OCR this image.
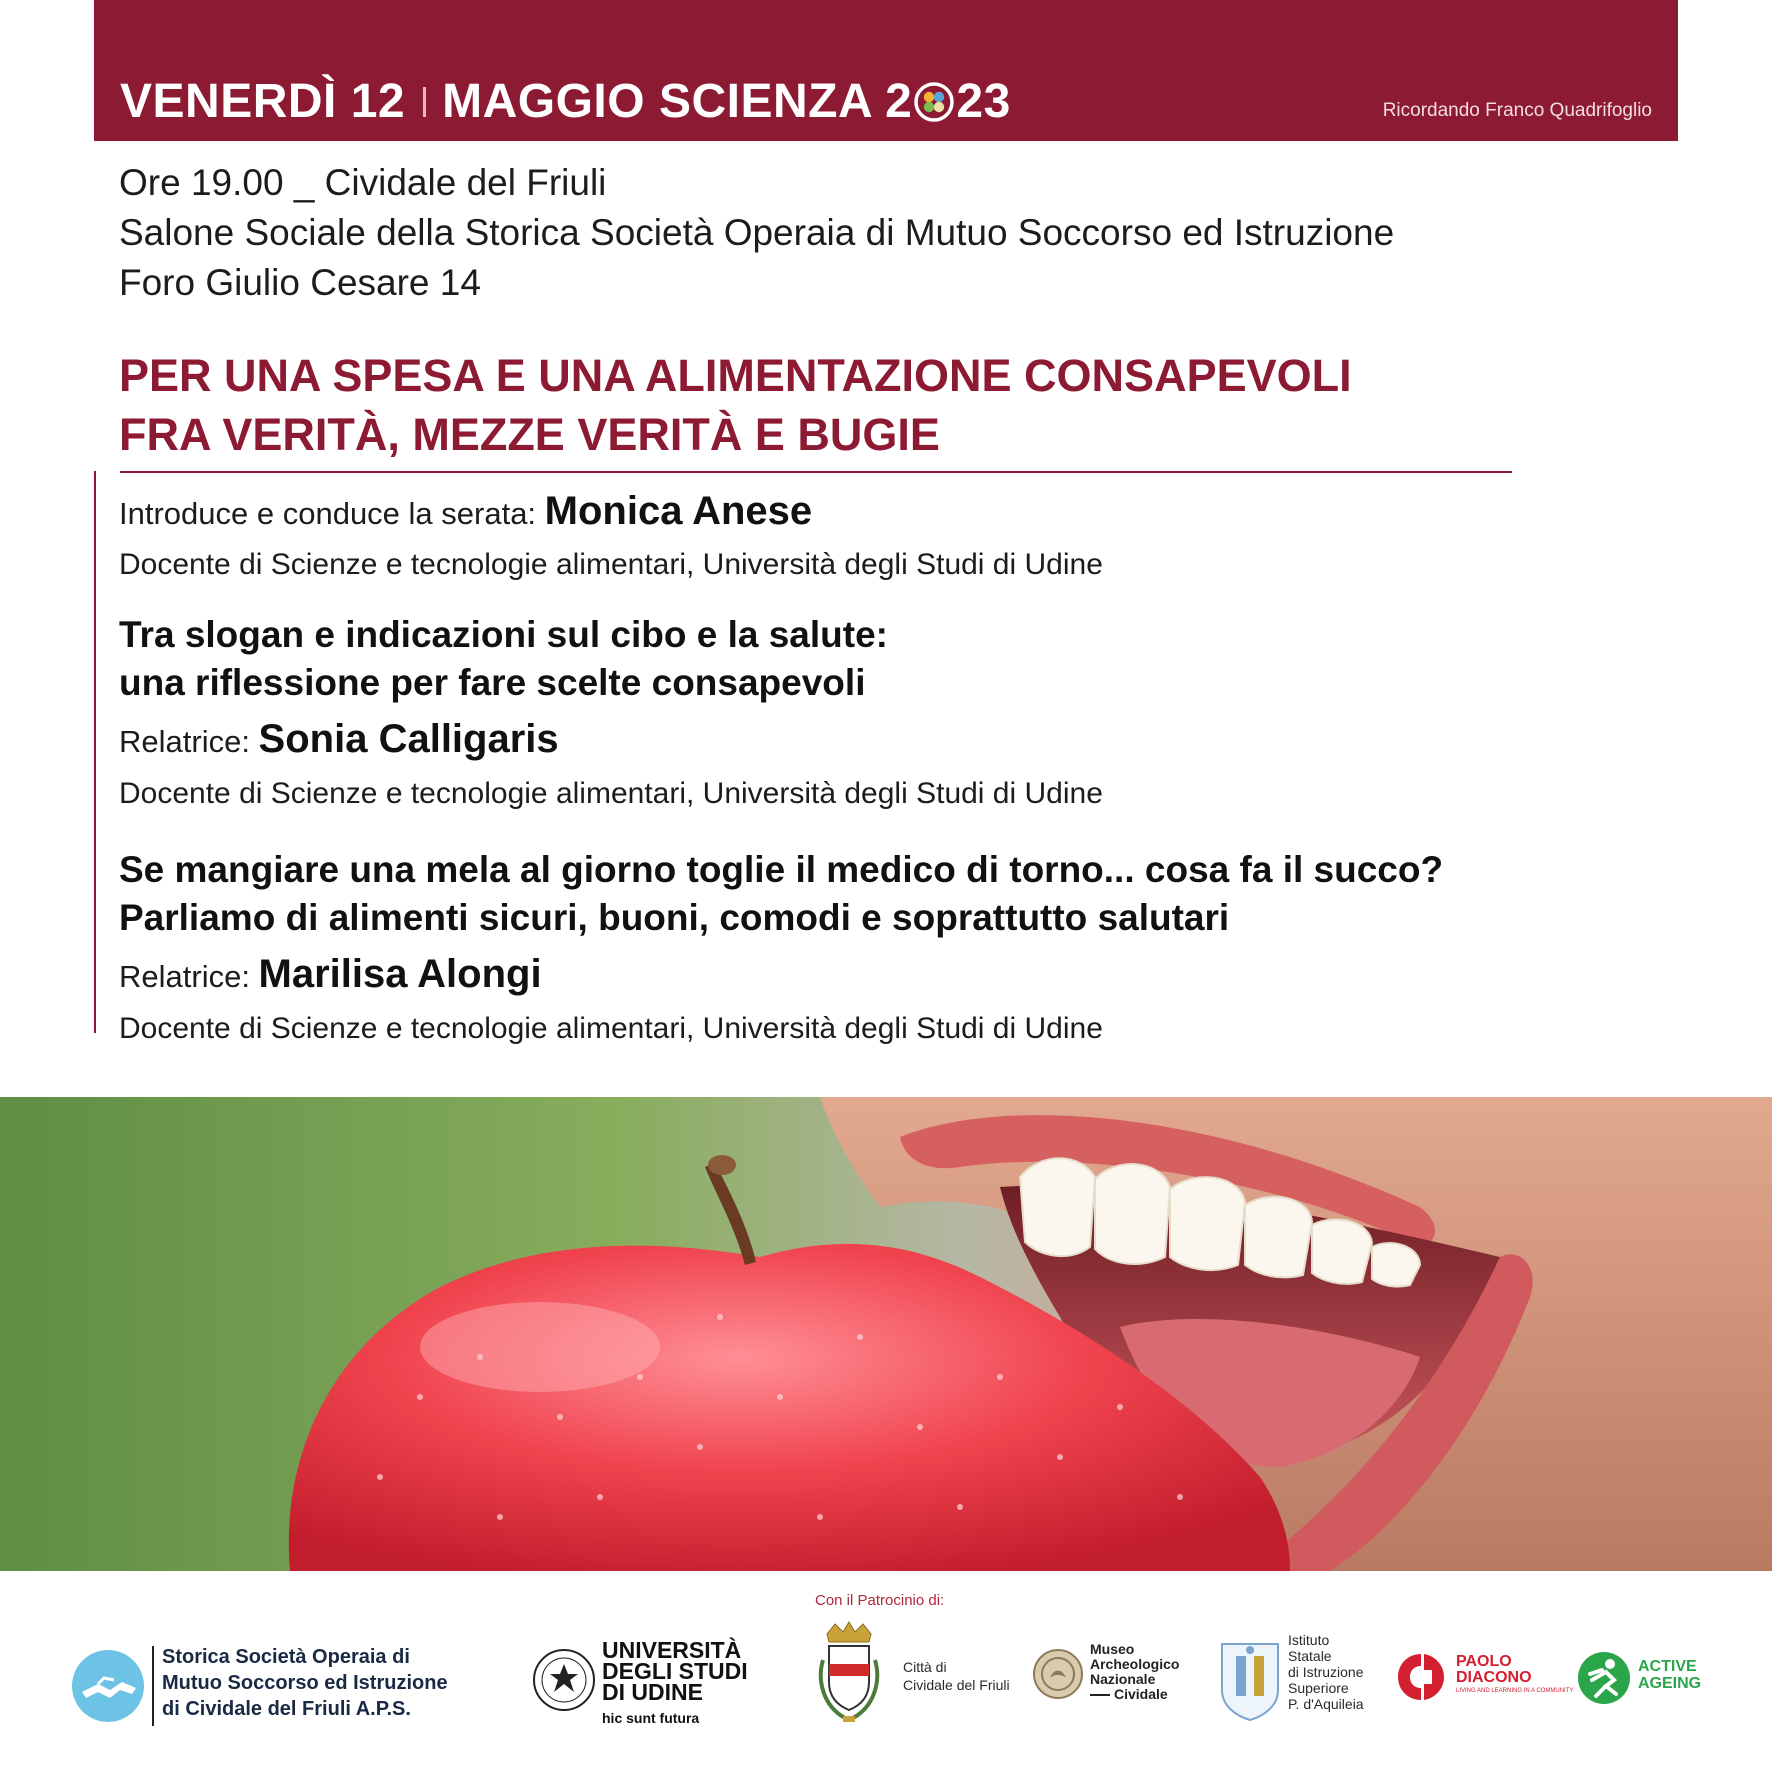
VENERDÌ 12 MAGGIO SCIENZA 2 23	Ricordando Franco Quadrifoglio
Ore 19.00 _ Cividale del Friuli
Salone Sociale della Storica Società Operaia di Mutuo Soccorso ed Istruzione
Foro Giulio Cesare 14
PER UNA SPESA E UNA ALIMENTAZIONE CONSAPEVOLI
FRA VERITÀ, MEZZE VERITÀ E BUGIE
Introduce e conduce la serata: Monica Anese
Docente di Scienze e tecnologie alimentari, Università degli Studi di Udine
Tra slogan e indicazioni sul cibo e la salute:
una riflessione per fare scelte consapevoli
Relatrice: Sonia Calligaris
Docente di Scienze e tecnologie alimentari, Università degli Studi di Udine
Se mangiare una mela al giorno toglie il medico di torno... cosa fa il succo?
Parliamo di alimenti sicuri, buoni, comodi e soprattutto salutari
Relatrice: Marilisa Alongi
Docente di Scienze e tecnologie alimentari, Università degli Studi di Udine
Con il Patrocinio di:
Storica Società Operaia di
Mutuo Soccorso ed Istruzione
di Cividale del Friuli A.P.S.
UNIVERSITÀ
DEGLI STUDI
DI UDINE
hic sunt futura
Città di
Cividale del Friuli
Museo
Archeologico
Nazionale
Cividale
Istituto
Statale
di Istruzione
Superiore
P. d'Aquileia
PAOLO
DIACONO
LIVING AND LEARNING IN A COMMUNITY
ACTIVE
AGEING
